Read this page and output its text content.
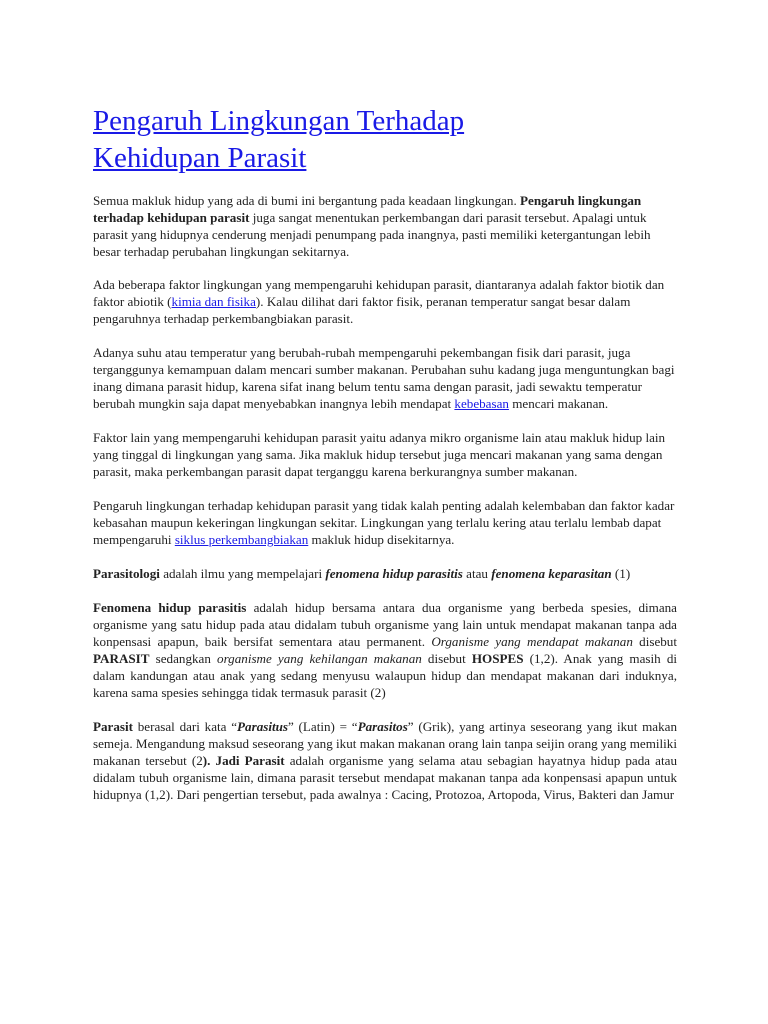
Pengaruh Lingkungan Terhadap
Kehidupan Parasit

Semua makluk hidup yang ada di bumi ini bergantung pada keadaan lingkungan. Pengaruh lingkungan terhadap kehidupan parasit juga sangat menentukan perkembangan dari parasit tersebut. Apalagi untuk parasit yang hidupnya cenderung menjadi penumpang pada inangnya, pasti memiliki ketergantungan lebih besar terhadap perubahan lingkungan sekitarnya.

Ada beberapa faktor lingkungan yang mempengaruhi kehidupan parasit, diantaranya adalah faktor biotik dan faktor abiotik (kimia dan fisika). Kalau dilihat dari faktor fisik, peranan temperatur sangat besar dalam pengaruhnya terhadap perkembangbiakan parasit.

Adanya suhu atau temperatur yang berubah-rubah mempengaruhi pekembangan fisik dari parasit, juga terganggunya kemampuan dalam mencari sumber makanan. Perubahan suhu kadang juga menguntungkan bagi inang dimana parasit hidup, karena sifat inang belum tentu sama dengan parasit, jadi sewaktu temperatur berubah mungkin saja dapat menyebabkan inangnya lebih mendapat kebebasan mencari makanan.

Faktor lain yang mempengaruhi kehidupan parasit yaitu adanya mikro organisme lain atau makluk hidup lain yang tinggal di lingkungan yang sama. Jika makluk hidup tersebut juga mencari makanan yang sama dengan parasit, maka perkembangan parasit dapat terganggu karena berkurangnya sumber makanan.

Pengaruh lingkungan terhadap kehidupan parasit yang tidak kalah penting adalah kelembaban dan faktor kadar kebasahan maupun kekeringan lingkungan sekitar. Lingkungan yang terlalu kering atau terlalu lembab dapat mempengaruhi siklus perkembangbiakan makluk hidup disekitarnya.

Parasitologi adalah ilmu yang mempelajari fenomena hidup parasitis atau fenomena keparasitan (1)

Fenomena hidup parasitis adalah hidup bersama antara dua organisme yang berbeda spesies, dimana organisme yang satu hidup pada atau didalam tubuh organisme yang lain untuk mendapat makanan tanpa ada konpensasi apapun, baik bersifat sementara atau permanent. Organisme yang mendapat makanan disebut PARASIT sedangkan organisme yang kehilangan makanan disebut HOSPES (1,2). Anak yang masih di dalam kandungan atau anak yang sedang menyusu walaupun hidup dan mendapat makanan dari induknya, karena sama spesies sehingga tidak termasuk parasit (2)

Parasit berasal dari kata “Parasitus” (Latin) = “Parasitos” (Grik), yang artinya seseorang yang ikut makan semeja. Mengandung maksud seseorang yang ikut makan makanan orang lain tanpa seijin orang yang memiliki makanan tersebut (2). Jadi Parasit adalah organisme yang selama atau sebagian hayatnya hidup pada atau didalam tubuh organisme lain, dimana parasit tersebut mendapat makanan tanpa ada konpensasi apapun untuk hidupnya (1,2). Dari pengertian tersebut, pada awalnya : Cacing, Protozoa, Artopoda, Virus, Bakteri dan Jamur
